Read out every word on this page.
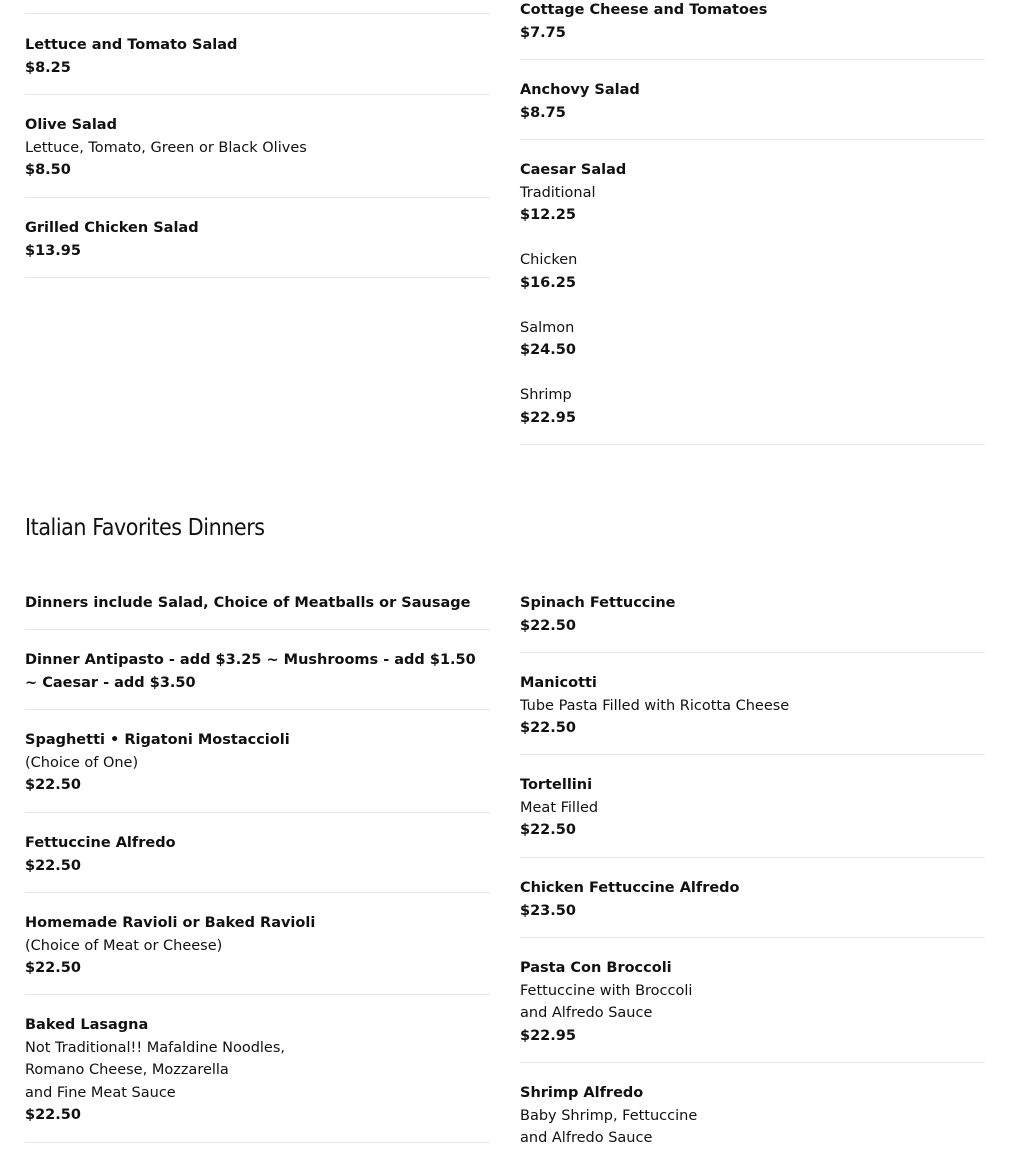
Lettuce and Tomato Salad
$8.25
Olive Salad
Lettuce, Tomato, Green or Black Olives
$8.50
Grilled Chicken Salad
$13.95
Cottage Cheese and Tomatoes
$7.75
Anchovy Salad
$8.75
Caesar Salad
Traditional
$12.25
Chicken
$16.25
Salmon
$24.50
Shrimp
$22.95
Italian Favorites Dinners
Dinners include Salad, Choice of Meatballs or Sausage
Dinner Antipasto - add $3.25 ~ Mushrooms - add $1.50 ~ Caesar - add $3.50
Spaghetti • Rigatoni Mostaccioli
(Choice of One)
$22.50
Fettuccine Alfredo
$22.50
Homemade Ravioli or Baked Ravioli
(Choice of Meat or Cheese)
$22.50
Baked Lasagna
Not Traditional!! Mafaldine Noodles,
Romano Cheese, Mozzarella
and Fine Meat Sauce
$22.50
Spinach Fettuccine
$22.50
Manicotti
Tube Pasta Filled with Ricotta Cheese
$22.50
Tortellini
Meat Filled
$22.50
Chicken Fettuccine Alfredo
$23.50
Pasta Con Broccoli
Fettuccine with Broccoli
and Alfredo Sauce
$22.95
Shrimp Alfredo
Baby Shrimp, Fettuccine
and Alfredo Sauce
